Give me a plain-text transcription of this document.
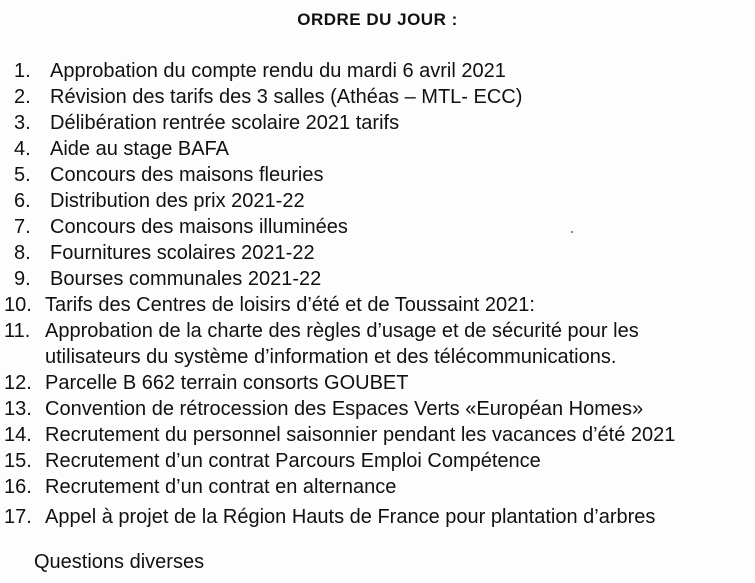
ORDRE DU JOUR :
1. Approbation du compte rendu du mardi 6 avril 2021
2. Révision des tarifs des 3 salles (Athéas – MTL- ECC)
3. Délibération rentrée scolaire 2021 tarifs
4. Aide au stage BAFA
5. Concours des maisons fleuries
6. Distribution des prix 2021-22
7. Concours des maisons illuminées
8. Fournitures scolaires 2021-22
9. Bourses communales 2021-22
10. Tarifs des Centres de loisirs d’été et de Toussaint 2021:
11. Approbation de la charte des règles d’usage et de sécurité pour les
utilisateurs du système d’information et des télécommunications.
12. Parcelle B 662 terrain consorts GOUBET
13. Convention de rétrocession des Espaces Verts «Européan Homes»
14. Recrutement du personnel saisonnier pendant les vacances d’été 2021
15. Recrutement d’un contrat Parcours Emploi Compétence
16. Recrutement d’un contrat en alternance
17. Appel à projet de la Région Hauts de France pour plantation d’arbres
Questions diverses
